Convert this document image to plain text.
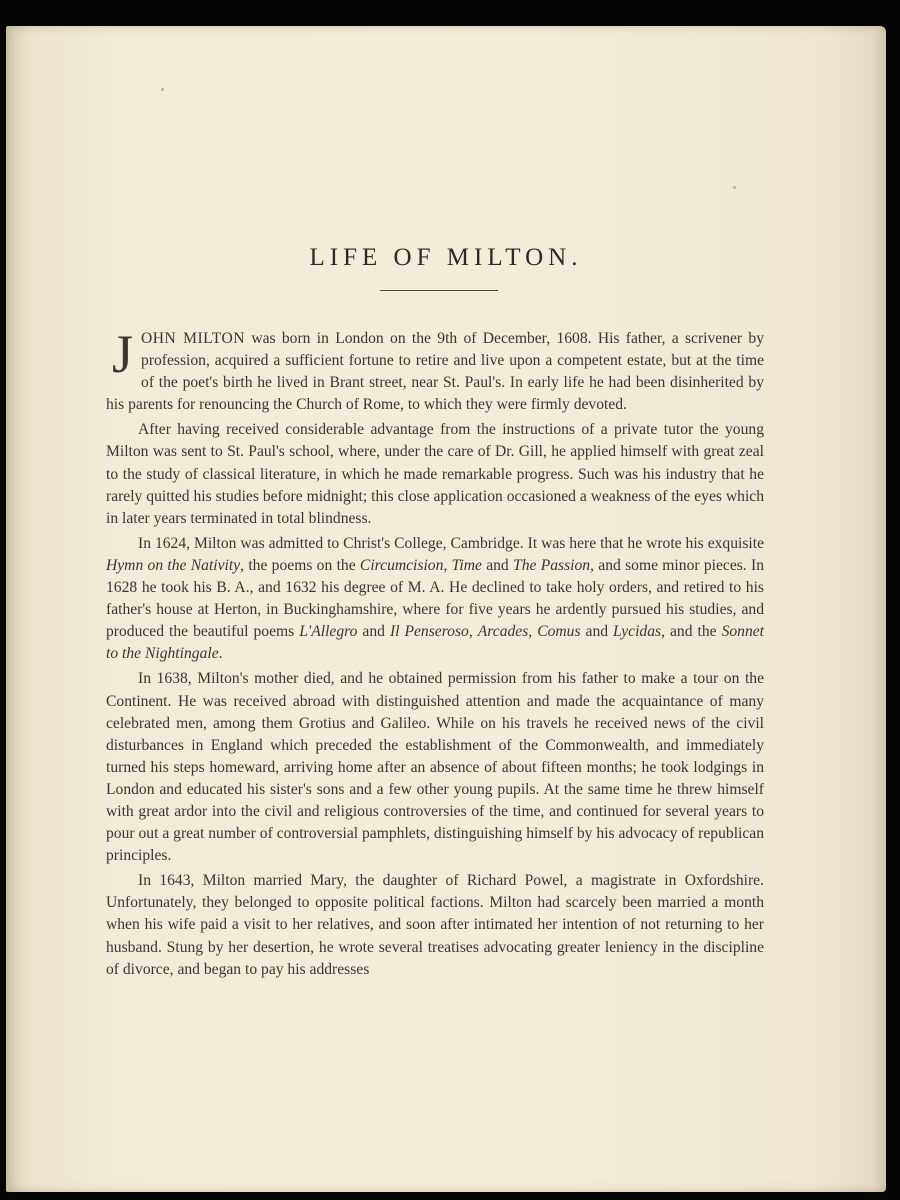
LIFE OF MILTON.

JOHN MILTON was born in London on the 9th of December, 1608. His father, a scrivener by profession, acquired a sufficient fortune to retire and live upon a competent estate, but at the time of the poet's birth he lived in Brant street, near St. Paul's. In early life he had been disinherited by his parents for renouncing the Church of Rome, to which they were firmly devoted.

After having received considerable advantage from the instructions of a private tutor the young Milton was sent to St. Paul's school, where, under the care of Dr. Gill, he applied himself with great zeal to the study of classical literature, in which he made remarkable progress. Such was his industry that he rarely quitted his studies before midnight; this close application occasioned a weakness of the eyes which in later years terminated in total blindness.

In 1624, Milton was admitted to Christ's College, Cambridge. It was here that he wrote his exquisite Hymn on the Nativity, the poems on the Circumcision, Time and The Passion, and some minor pieces. In 1628 he took his B. A., and 1632 his degree of M. A. He declined to take holy orders, and retired to his father's house at Herton, in Buckinghamshire, where for five years he ardently pursued his studies, and produced the beautiful poems L'Allegro and Il Penseroso, Arcades, Comus and Lycidas, and the Sonnet to the Nightingale.

In 1638, Milton's mother died, and he obtained permission from his father to make a tour on the Continent. He was received abroad with distinguished attention and made the acquaintance of many celebrated men, among them Grotius and Galileo. While on his travels he received news of the civil disturbances in England which preceded the establishment of the Commonwealth, and immediately turned his steps homeward, arriving home after an absence of about fifteen months; he took lodgings in London and educated his sister's sons and a few other young pupils. At the same time he threw himself with great ardor into the civil and religious controversies of the time, and continued for several years to pour out a great number of controversial pamphlets, distinguishing himself by his advocacy of republican principles.

In 1643, Milton married Mary, the daughter of Richard Powel, a magistrate in Oxfordshire. Unfortunately, they belonged to opposite political factions. Milton had scarcely been married a month when his wife paid a visit to her relatives, and soon after intimated her intention of not returning to her husband. Stung by her desertion, he wrote several treatises advocating greater leniency in the discipline of divorce, and began to pay his addresses
